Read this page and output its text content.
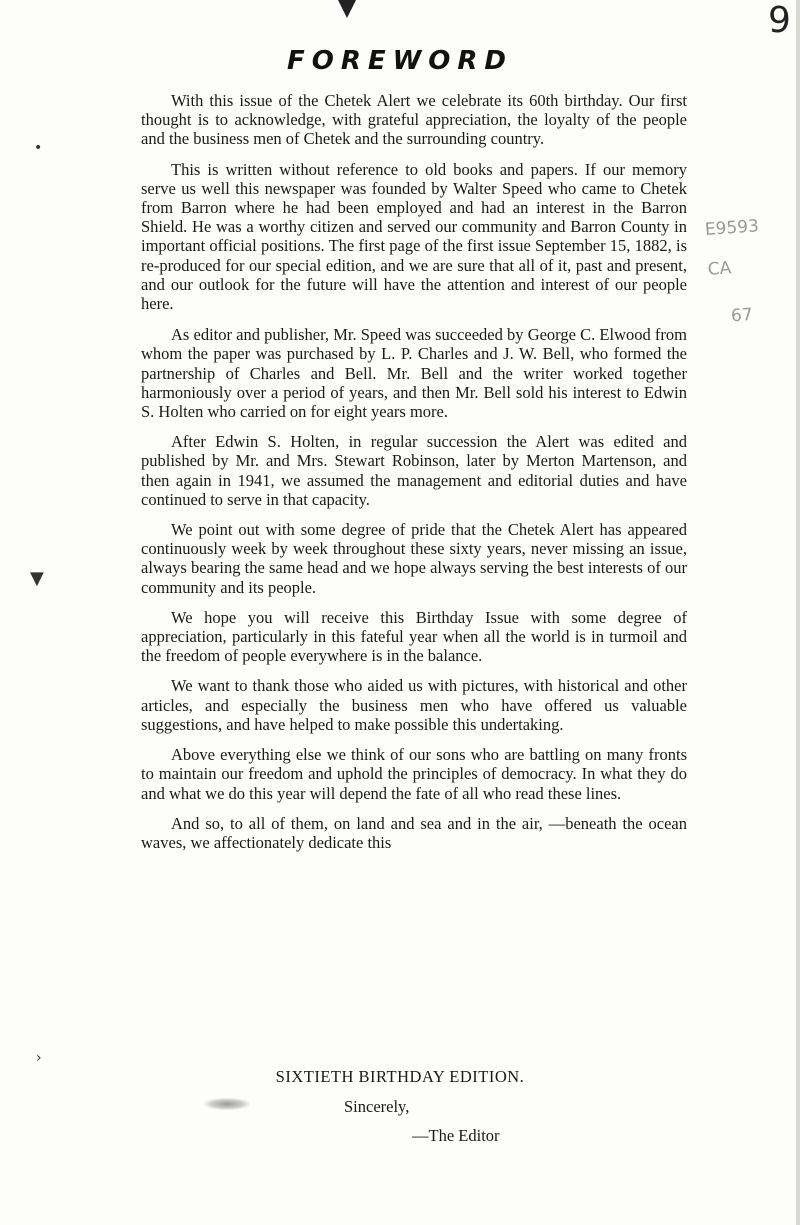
9
FOREWORD

With this issue of the Chetek Alert we celebrate its 60th birthday. Our first thought is to acknowledge, with grateful appreciation, the loyalty of the people and the business men of Chetek and the surrounding country.

This is written without reference to old books and papers. If our memory serve us well this newspaper was founded by Walter Speed who came to Chetek from Barron where he had been employed and had an interest in the Barron Shield. He was a worthy citizen and served our community and Barron County in important official positions. The first page of the first issue September 15, 1882, is re-produced for our special edition, and we are sure that all of it, past and present, and our outlook for the future will have the attention and interest of our people here.

As editor and publisher, Mr. Speed was succeeded by George C. Elwood from whom the paper was purchased by L. P. Charles and J. W. Bell, who formed the partnership of Charles and Bell. Mr. Bell and the writer worked together harmoniously over a period of years, and then Mr. Bell sold his interest to Edwin S. Holten who carried on for eight years more.

After Edwin S. Holten, in regular succession the Alert was edited and published by Mr. and Mrs. Stewart Robinson, later by Merton Martenson, and then again in 1941, we assumed the management and editorial duties and have continued to serve in that capacity.

We point out with some degree of pride that the Chetek Alert has appeared continuously week by week throughout these sixty years, never missing an issue, always bearing the same head and we hope always serving the best interests of our community and its people.

We hope you will receive this Birthday Issue with some degree of appreciation, particularly in this fateful year when all the world is in turmoil and the freedom of people everywhere is in the balance.

We want to thank those who aided us with pictures, with historical and other articles, and especially the business men who have offered us valuable suggestions, and have helped to make possible this undertaking.

Above everything else we think of our sons who are battling on many fronts to maintain our freedom and uphold the principles of democracy. In what they do and what we do this year will depend the fate of all who read these lines.

And so, to all of them, on land and sea and in the air, —beneath the ocean waves, we affectionately dedicate this

SIXTIETH BIRTHDAY EDITION.
Sincerely,
—The Editor
E9593
CA
67
•
▼
›
